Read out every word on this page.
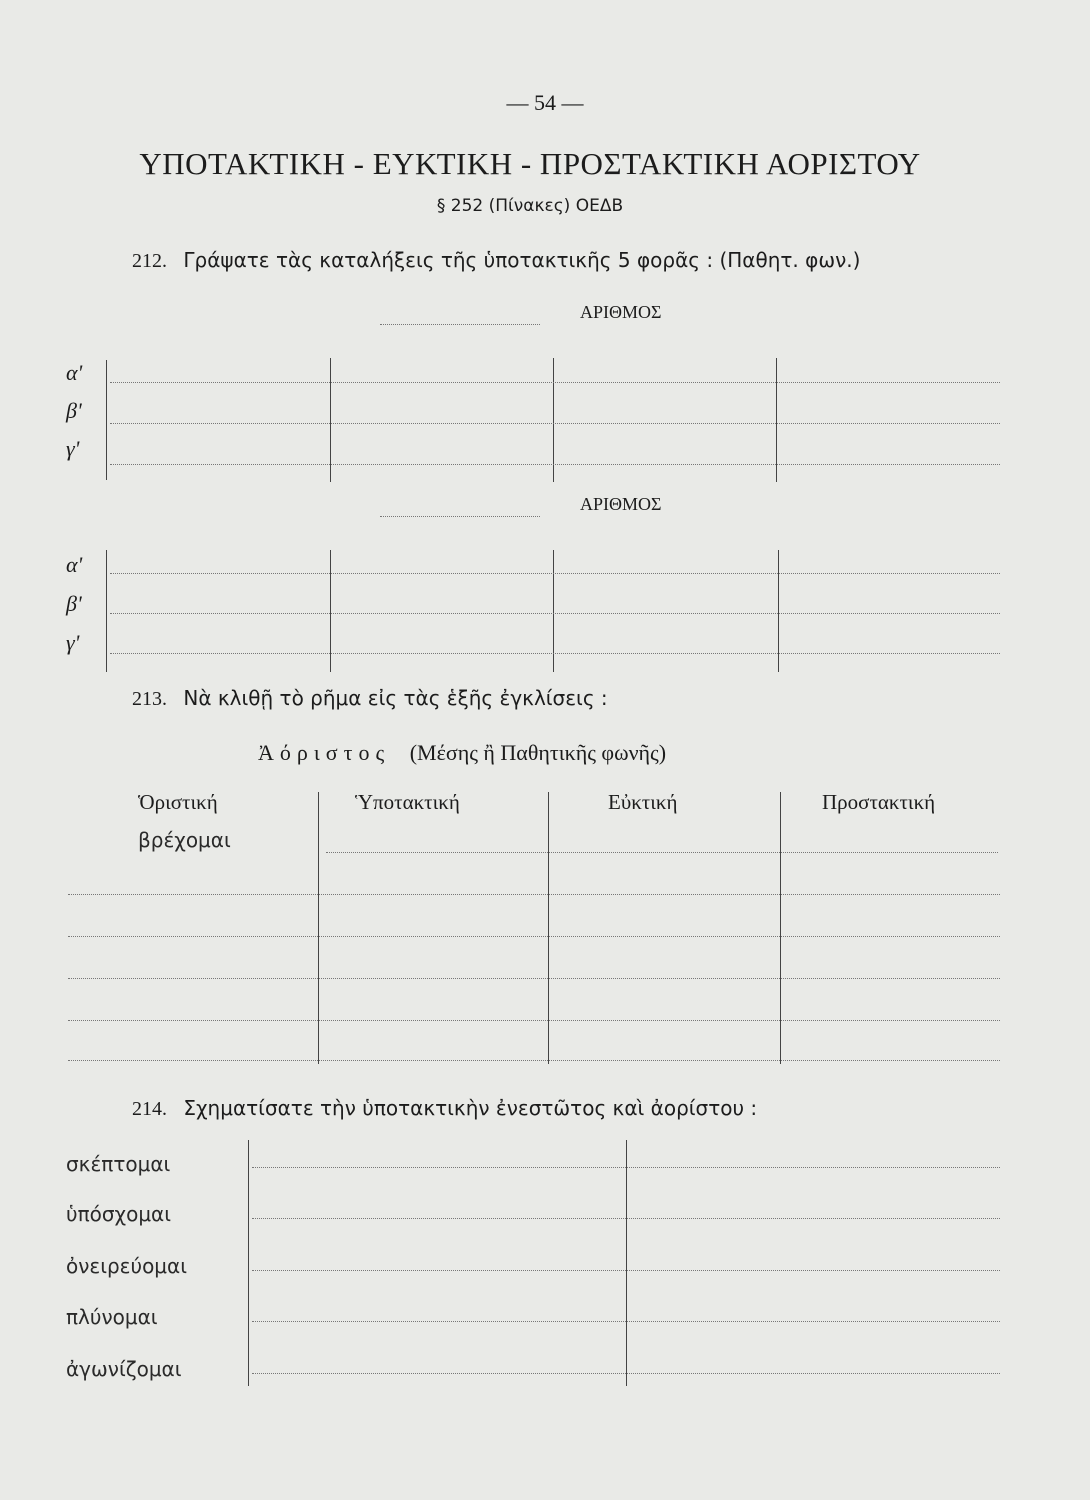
— 54 —
ΥΠΟΤΑΚΤΙΚΗ - ΕΥΚΤΙΚΗ - ΠΡΟΣΤΑΚΤΙΚΗ ΑΟΡΙΣΤΟΥ
§ 252 (Πίνακες) ΟΕΔΒ
212. Γράψατε τὰς καταλήξεις τῆς ὑποτακτικῆς 5 φορᾶς : (Παθητ. φων.)
ΑΡΙΘΜΟΣ
α'
β'
γ'
ΑΡΙΘΜΟΣ
α'
β'
γ'
213. Νὰ κλιθῇ τὸ ρῆμα εἰς τὰς ἑξῆς ἐγκλίσεις :
Ἀόριστος (Μέσης ἢ Παθητικῆς φωνῆς)
Ὁριστική	Ὑποτακτική	Εὐκτική	Προστακτική
βρέχομαι
214. Σχηματίσατε τὴν ὑποτακτικὴν ἐνεστῶτος καὶ ἀορίστου :
σκέπτομαι
ὑπόσχομαι
ὀνειρεύομαι
πλύνομαι
ἀγωνίζομαι
